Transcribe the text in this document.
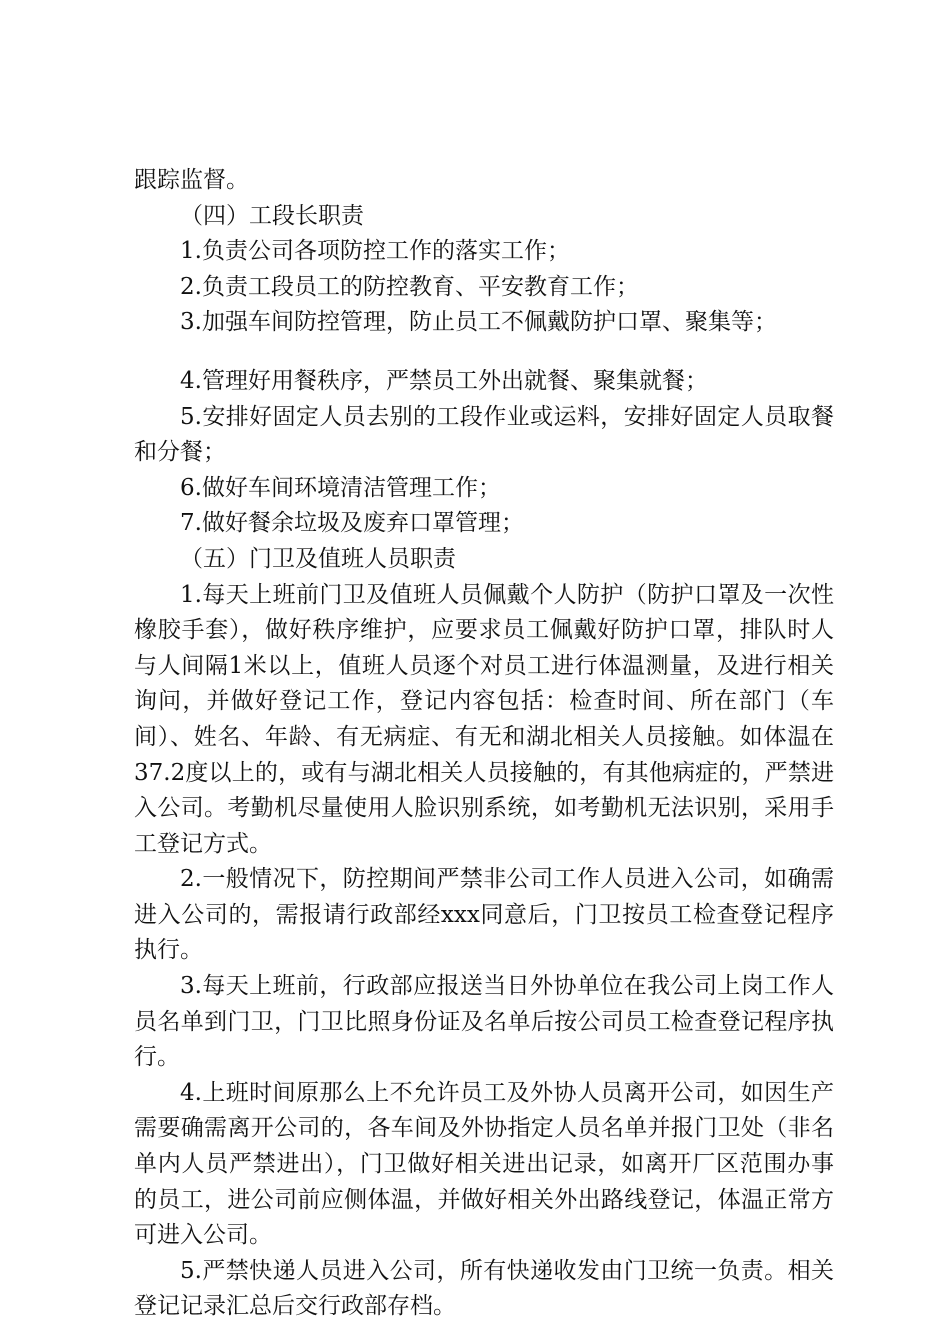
跟踪监督。

（四）工段长职责

1.负责公司各项防控工作的落实工作；

2.负责工段员工的防控教育、平安教育工作；

3.加强车间防控管理，防止员工不佩戴防护口罩、聚集等；

4.管理好用餐秩序，严禁员工外出就餐、聚集就餐；

5.安排好固定人员去别的工段作业或运料，安排好固定人员取餐和分餐；

6.做好车间环境清洁管理工作；

7.做好餐余垃圾及废弃口罩管理；

（五）门卫及值班人员职责

1.每天上班前门卫及值班人员佩戴个人防护（防护口罩及一次性橡胶手套），做好秩序维护，应要求员工佩戴好防护口罩，排队时人与人间隔1米以上，值班人员逐个对员工进行体温测量，及进行相关询问，并做好登记工作，登记内容包括：检查时间、所在部门（车间）、姓名、年龄、有无病症、有无和湖北相关人员接触。如体温在37.2度以上的，或有与湖北相关人员接触的，有其他病症的，严禁进入公司。考勤机尽量使用人脸识别系统，如考勤机无法识别，采用手工登记方式。

2.一般情况下，防控期间严禁非公司工作人员进入公司，如确需进入公司的，需报请行政部经xxx同意后，门卫按员工检查登记程序执行。

3.每天上班前，行政部应报送当日外协单位在我公司上岗工作人员名单到门卫，门卫比照身份证及名单后按公司员工检查登记程序执行。

4.上班时间原那么上不允许员工及外协人员离开公司，如因生产需要确需离开公司的，各车间及外协指定人员名单并报门卫处（非名单内人员严禁进出），门卫做好相关进出记录，如离开厂区范围办事的员工，进公司前应侧体温，并做好相关外出路线登记，体温正常方可进入公司。

5.严禁快递人员进入公司，所有快递收发由门卫统一负责。相关登记记录汇总后交行政部存档。
